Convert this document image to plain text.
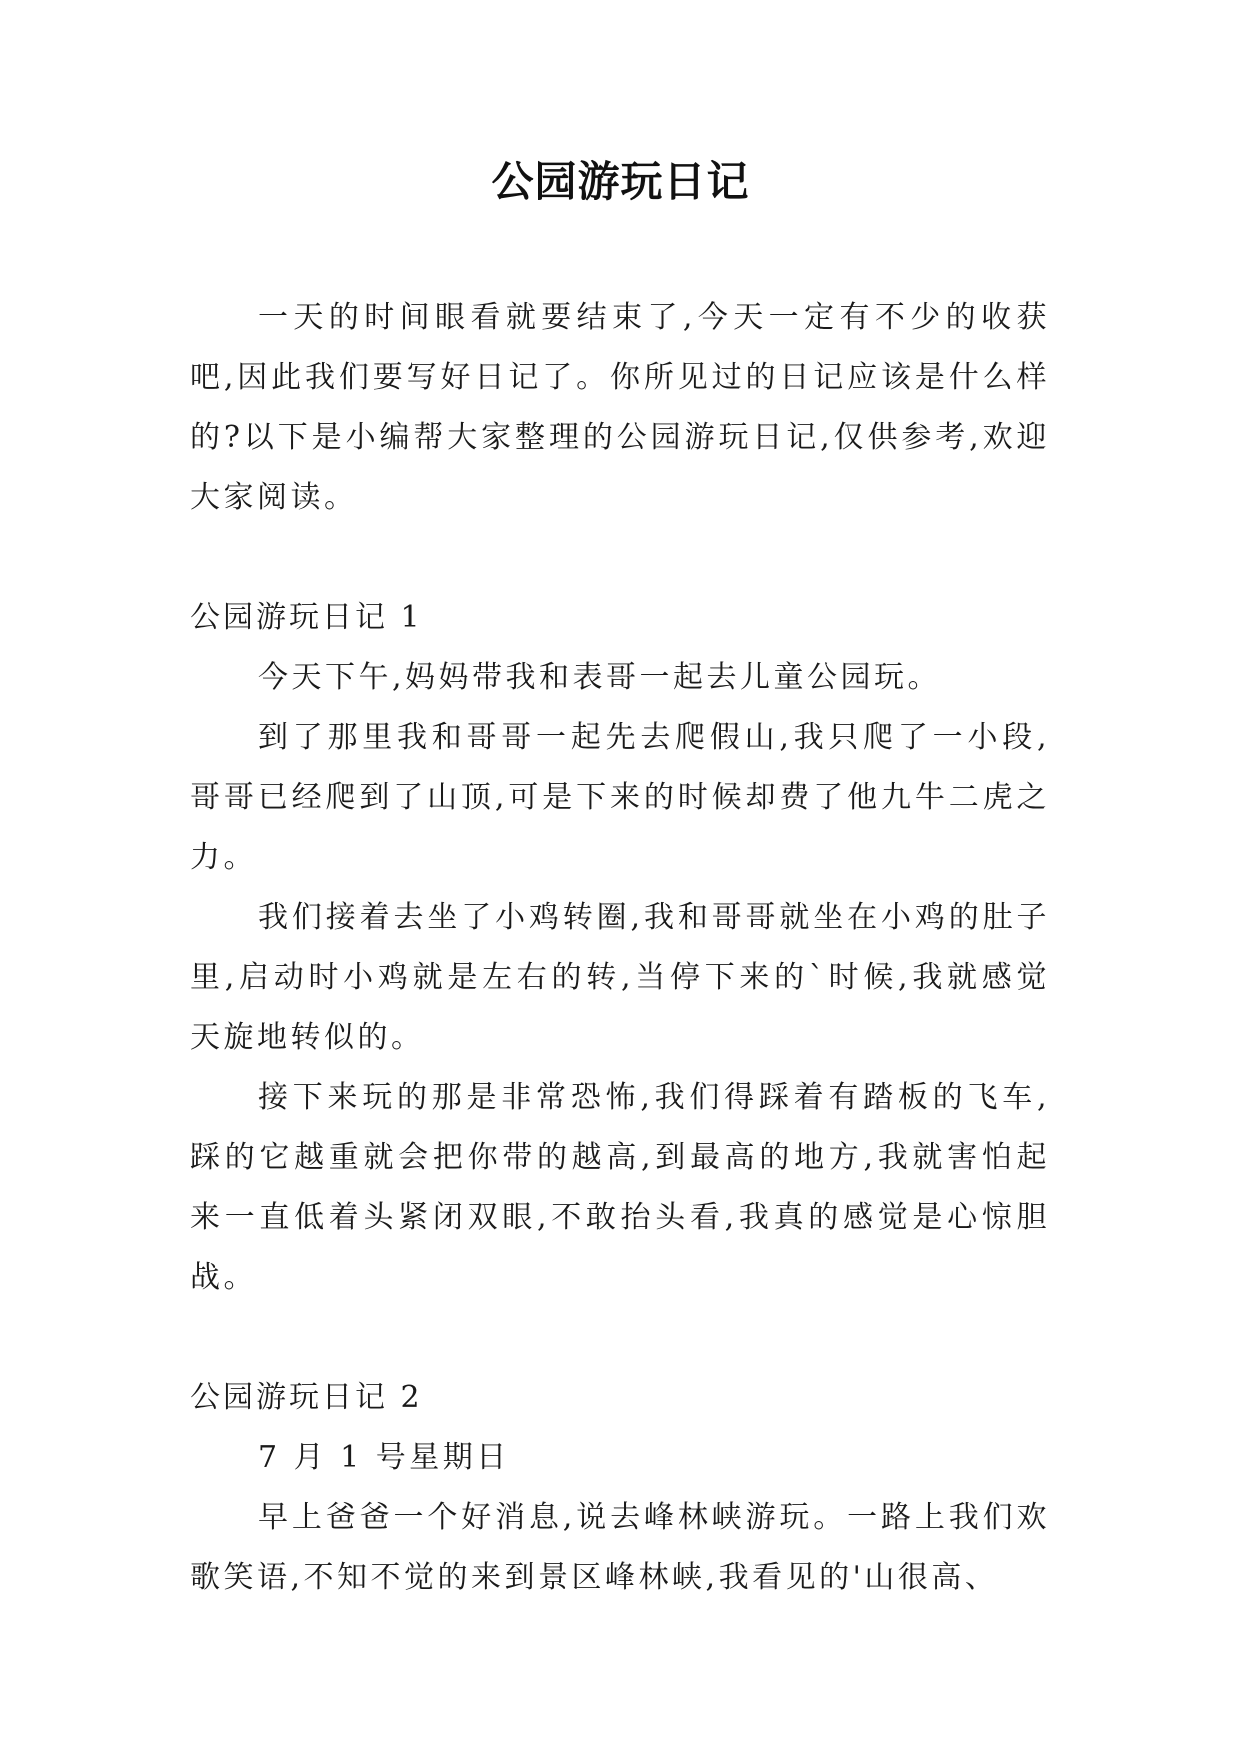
公园游玩日记

一天的时间眼看就要结束了,今天一定有不少的收获吧,因此我们要写好日记了。你所见过的日记应该是什么样的?以下是小编帮大家整理的公园游玩日记,仅供参考,欢迎大家阅读。

公园游玩日记 1

今天下午,妈妈带我和表哥一起去儿童公园玩。

到了那里我和哥哥一起先去爬假山,我只爬了一小段,哥哥已经爬到了山顶,可是下来的时候却费了他九牛二虎之力。

我们接着去坐了小鸡转圈,我和哥哥就坐在小鸡的肚子里,启动时小鸡就是左右的转,当停下来的`时候,我就感觉天旋地转似的。

接下来玩的那是非常恐怖,我们得踩着有踏板的飞车,踩的它越重就会把你带的越高,到最高的地方,我就害怕起来一直低着头紧闭双眼,不敢抬头看,我真的感觉是心惊胆战。

公园游玩日记 2

7 月 1 号星期日

早上爸爸一个好消息,说去峰林峡游玩。一路上我们欢歌笑语,不知不觉的来到景区峰林峡,我看见的'山很高、
